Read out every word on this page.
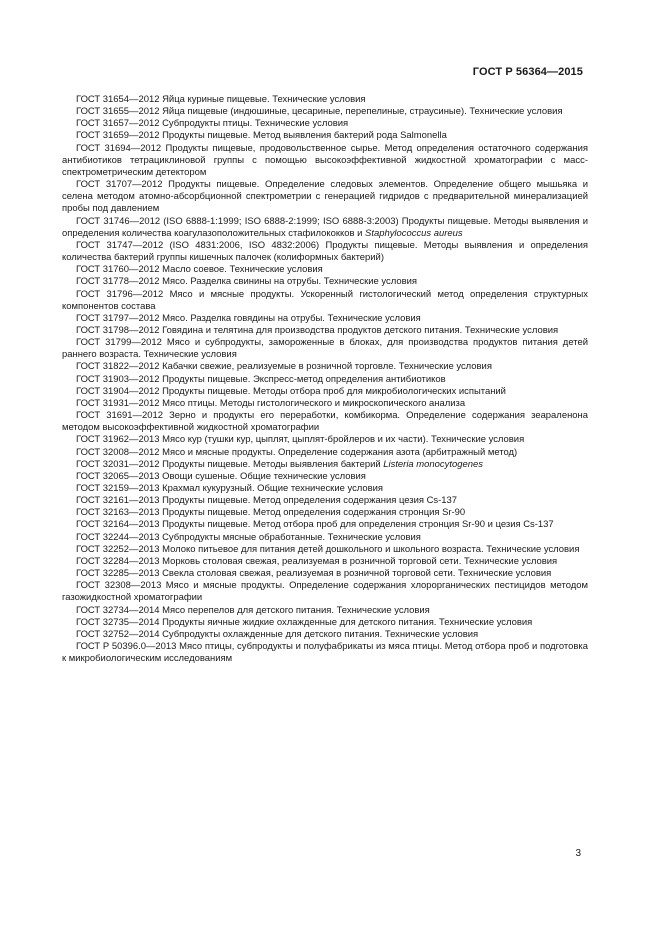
ГОСТ Р 56364—2015

ГОСТ 31654—2012 Яйца куриные пищевые. Технические условия

ГОСТ 31655—2012 Яйца пищевые (индюшиные, цесариные, перепелиные, страусиные). Технические условия

ГОСТ 31657—2012 Субпродукты птицы. Технические условия

ГОСТ 31659—2012 Продукты пищевые. Метод выявления бактерий рода Salmonella

ГОСТ 31694—2012 Продукты пищевые, продовольственное сырье. Метод определения остаточного содержания антибиотиков тетрациклиновой группы с помощью высокоэффективной жидкостной хроматографии с масс-спектрометрическим детектором

ГОСТ 31707—2012 Продукты пищевые. Определение следовых элементов. Определение общего мышьяка и селена методом атомно-абсорбционной спектрометрии с генерацией гидридов с предварительной минерализацией пробы под давлением

ГОСТ 31746—2012 (ISO 6888-1:1999; ISO 6888-2:1999; ISO 6888-3:2003) Продукты пищевые. Методы выявления и определения количества коагулазоположительных стафилококков и Staphylococcus aureus

ГОСТ 31747—2012 (ISO 4831:2006, ISO 4832:2006) Продукты пищевые. Методы выявления и определения количества бактерий группы кишечных палочек (колиформных бактерий)

ГОСТ 31760—2012 Масло соевое. Технические условия

ГОСТ 31778—2012 Мясо. Разделка свинины на отрубы. Технические условия

ГОСТ 31796—2012 Мясо и мясные продукты. Ускоренный гистологический метод определения структурных компонентов состава

ГОСТ 31797—2012 Мясо. Разделка говядины на отрубы. Технические условия

ГОСТ 31798—2012 Говядина и телятина для производства продуктов детского питания. Технические условия

ГОСТ 31799—2012 Мясо и субпродукты, замороженные в блоках, для производства продуктов питания детей раннего возраста. Технические условия

ГОСТ 31822—2012 Кабачки свежие, реализуемые в розничной торговле. Технические условия

ГОСТ 31903—2012 Продукты пищевые. Экспресс-метод определения антибиотиков

ГОСТ 31904—2012 Продукты пищевые. Методы отбора проб для микробиологических испытаний

ГОСТ 31931—2012 Мясо птицы. Методы гистологического и микроскопического анализа

ГОСТ 31691—2012 Зерно и продукты его переработки, комбикорма. Определение содержания зеараленона методом высокоэффективной жидкостной хроматографии

ГОСТ 31962—2013 Мясо кур (тушки кур, цыплят, цыплят-бройлеров и их части). Технические условия

ГОСТ 32008—2012 Мясо и мясные продукты. Определение содержания азота (арбитражный метод)

ГОСТ 32031—2012 Продукты пищевые. Методы выявления бактерий Listeria monocytogenes

ГОСТ 32065—2013 Овощи сушеные. Общие технические условия

ГОСТ 32159—2013 Крахмал кукурузный. Общие технические условия

ГОСТ 32161—2013 Продукты пищевые. Метод определения содержания цезия Cs-137

ГОСТ 32163—2013 Продукты пищевые. Метод определения содержания стронция Sr-90

ГОСТ 32164—2013 Продукты пищевые. Метод отбора проб для определения стронция Sr-90 и цезия Cs-137

ГОСТ 32244—2013 Субпродукты мясные обработанные. Технические условия

ГОСТ 32252—2013 Молоко питьевое для питания детей дошкольного и школьного возраста. Технические условия

ГОСТ 32284—2013 Морковь столовая свежая, реализуемая в розничной торговой сети. Технические условия

ГОСТ 32285—2013 Свекла столовая свежая, реализуемая в розничной торговой сети. Технические условия

ГОСТ 32308—2013 Мясо и мясные продукты. Определение содержания хлорорганических пестицидов методом газожидкостной хроматографии

ГОСТ 32734—2014 Мясо перепелов для детского питания. Технические условия

ГОСТ 32735—2014 Продукты яичные жидкие охлажденные для детского питания. Технические условия

ГОСТ 32752—2014 Субпродукты охлажденные для детского питания. Технические условия

ГОСТ Р 50396.0—2013 Мясо птицы, субпродукты и полуфабрикаты из мяса птицы. Метод отбора проб и подготовка к микробиологическим исследованиям

3
